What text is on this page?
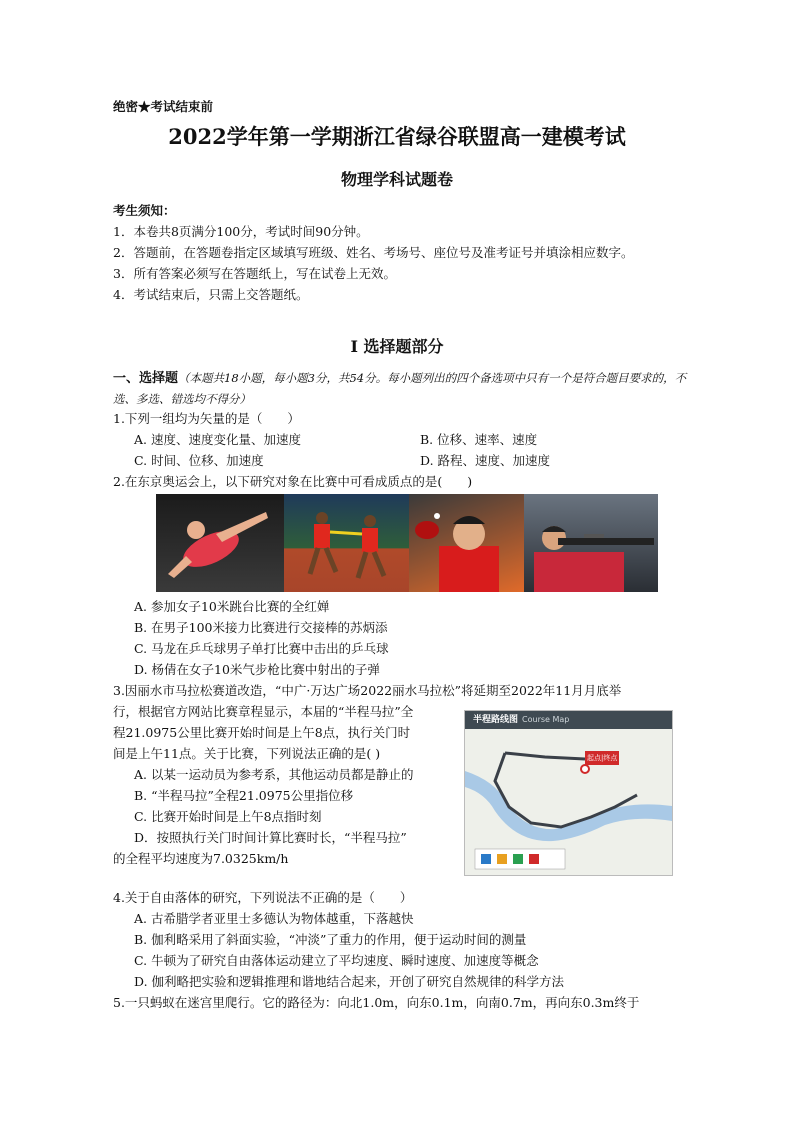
绝密★考试结束前
2022学年第一学期浙江省绿谷联盟高一建模考试
物理学科试题卷
考生须知：
1．本卷共8页满分100分，考试时间90分钟。
2．答题前，在答题卷指定区域填写班级、姓名、考场号、座位号及准考证号并填涂相应数字。
3．所有答案必须写在答题纸上，写在试卷上无效。
4．考试结束后，只需上交答题纸。
I 选择题部分
一、选择题（本题共18小题，每小题3分，共54分。每小题列出的四个备选项中只有一个是符合题目要求的，不选、多选、错选均不得分）
1.下列一组均为矢量的是（　　）
A. 速度、速度变化量、加速度	B. 位移、速率、速度
C. 时间、位移、加速度	D. 路程、速度、加速度
2.在东京奥运会上，以下研究对象在比赛中可看成质点的是(　　)
A. 参加女子10米跳台比赛的全红婵
B. 在男子100米接力比赛进行交接棒的苏炳添
C. 马龙在乒乓球男子单打比赛中击出的乒乓球
D. 杨倩在女子10米气步枪比赛中射出的子弹
3.因丽水市马拉松赛道改造，“中广·万达广场2022丽水马拉松”将延期至2022年11月月底举
行，根据官方网站比赛章程显示，本届的“半程马拉”全
程21.0975公里比赛开始时间是上午8点，执行关门时
间是上午11点。关于比赛，下列说法正确的是( )
A. 以某一运动员为参考系，其他运动员都是静止的
B. “半程马拉”全程21.0975公里指位移
C. 比赛开始时间是上午8点指时刻
D．按照执行关门时间计算比赛时长，“半程马拉”
的全程平均速度为7.0325km/h
半程路线图 Course Map
起点|终点
4.关于自由落体的研究，下列说法不正确的是（　　）
A. 古希腊学者亚里士多德认为物体越重，下落越快
B. 伽利略采用了斜面实验，“冲淡”了重力的作用，便于运动时间的测量
C. 牛顿为了研究自由落体运动建立了平均速度、瞬时速度、加速度等概念
D. 伽利略把实验和逻辑推理和谐地结合起来，开创了研究自然规律的科学方法
5.一只蚂蚁在迷宫里爬行。它的路径为：向北1.0m，向东0.1m，向南0.7m，再向东0.3m终于
